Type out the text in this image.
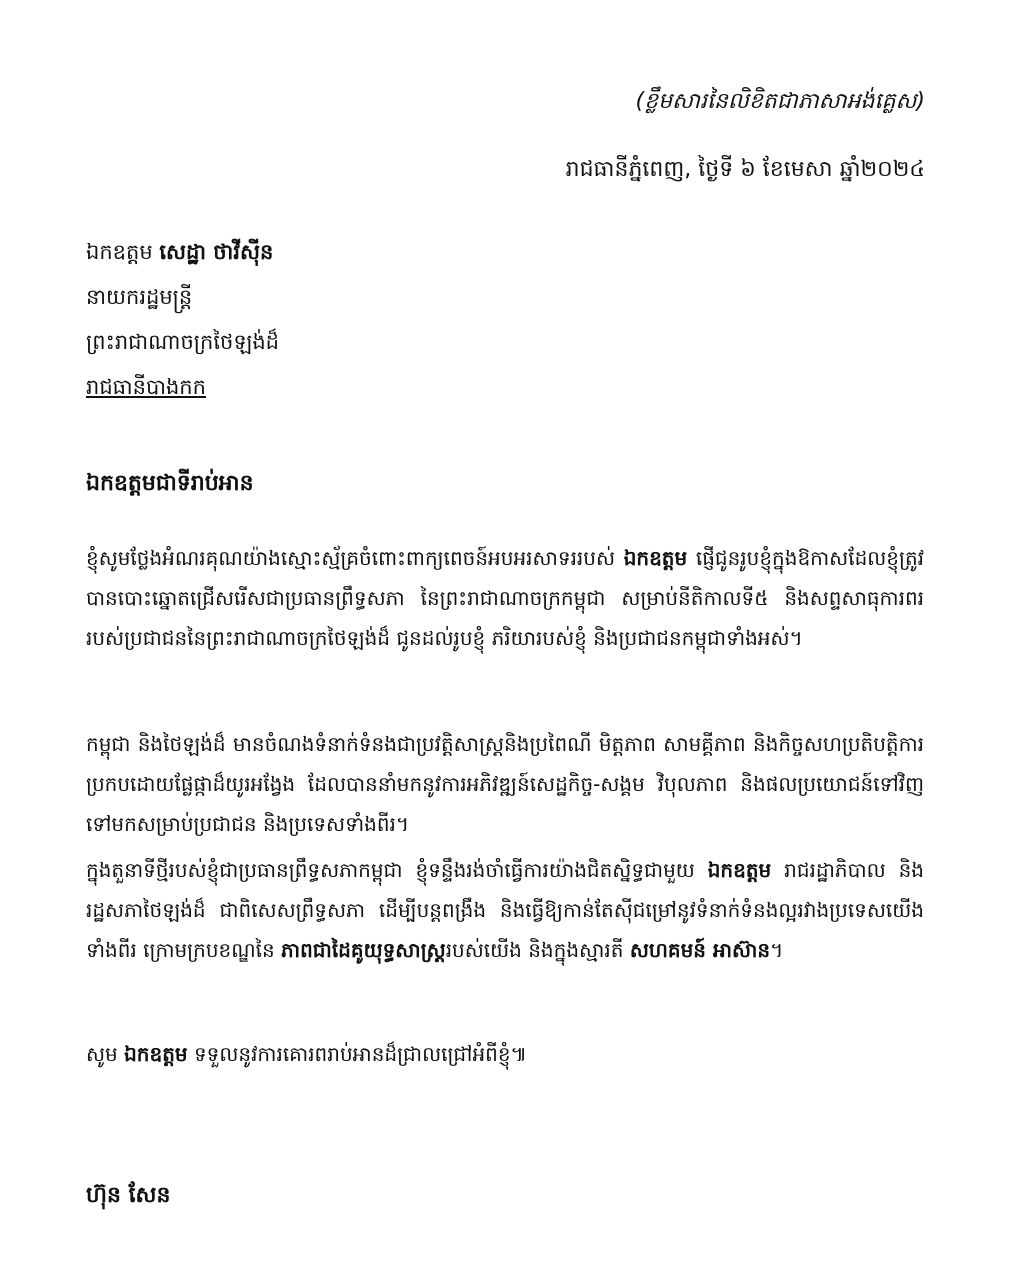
(ខ្លឹមសារនៃលិខិតជាភាសាអង់គ្លេស)

រាជធានីភ្នំពេញ, ថ្ងៃទី ៦ ខែមេសា ឆ្នាំ២០២៤

ឯកឧត្តម សេដ្ឋា ថាវីស៊ីន
នាយករដ្ឋមន្ត្រី
ព្រះរាជាណាចក្រថៃឡង់ដ៏
រាជធានីបាងកក

ឯកឧត្តមជាទីរាប់អាន

ខ្ញុំសូមថ្លែងអំណរគុណយ៉ាងស្មោះស្ម័គ្រចំពោះពាក្យពេចន៍អបអរសាទររបស់ ឯកឧត្តម ផ្ញើជូនរូបខ្ញុំក្នុងឱកាសដែលខ្ញុំត្រូវបានបោះឆ្នោតជ្រើសរើសជាប្រធានព្រឹទ្ធសភា នៃព្រះរាជាណាចក្រកម្ពុជា សម្រាប់នីតិកាលទី៥ និងសព្ទសាធុការពររបស់ប្រជាជននៃព្រះរាជាណាចក្រថៃឡង់ដ៏ ជូនដល់រូបខ្ញុំ ភរិយារបស់ខ្ញុំ និងប្រជាជនកម្ពុជាទាំងអស់។

កម្ពុជា និងថៃឡង់ដ៏ មានចំណងទំនាក់ទំនងជាប្រវត្តិសាស្ត្រនិងប្រពៃណី មិត្តភាព សាមគ្គីភាព និងកិច្ចសហប្រតិបត្តិការប្រកបដោយផ្លែផ្កាដ៏យូរអង្វែង ដែលបាននាំមកនូវការអភិវឌ្ឍន៍សេដ្ឋកិច្ច-សង្គម វិបុលភាព និងផលប្រយោជន៍ទៅវិញទៅមកសម្រាប់ប្រជាជន និងប្រទេសទាំងពីរ។

ក្នុងតួនាទីថ្មីរបស់ខ្ញុំជាប្រធានព្រឹទ្ធសភាកម្ពុជា ខ្ញុំទន្ទឹងរង់ចាំធ្វើការយ៉ាងជិតស្និទ្ធជាមួយ ឯកឧត្តម រាជរដ្ឋាភិបាល និងរដ្ឋសភាថៃឡង់ដ៏ ជាពិសេសព្រឹទ្ធសភា ដើម្បីបន្តពង្រឹង និងធ្វើឱ្យកាន់តែស៊ីជម្រៅនូវទំនាក់ទំនងល្អរវាងប្រទេសយើងទាំងពីរ ក្រោមក្របខណ្ឌនៃ ភាពជាដៃគូយុទ្ធសាស្ត្ររបស់យើង និងក្នុងស្មារតី សហគមន៍ អាស៊ាន។

សូម ឯកឧត្តម ទទួលនូវការគោរពរាប់អានដ៏ជ្រាលជ្រៅអំពីខ្ញុំ៕

ហ៊ុន សែន
